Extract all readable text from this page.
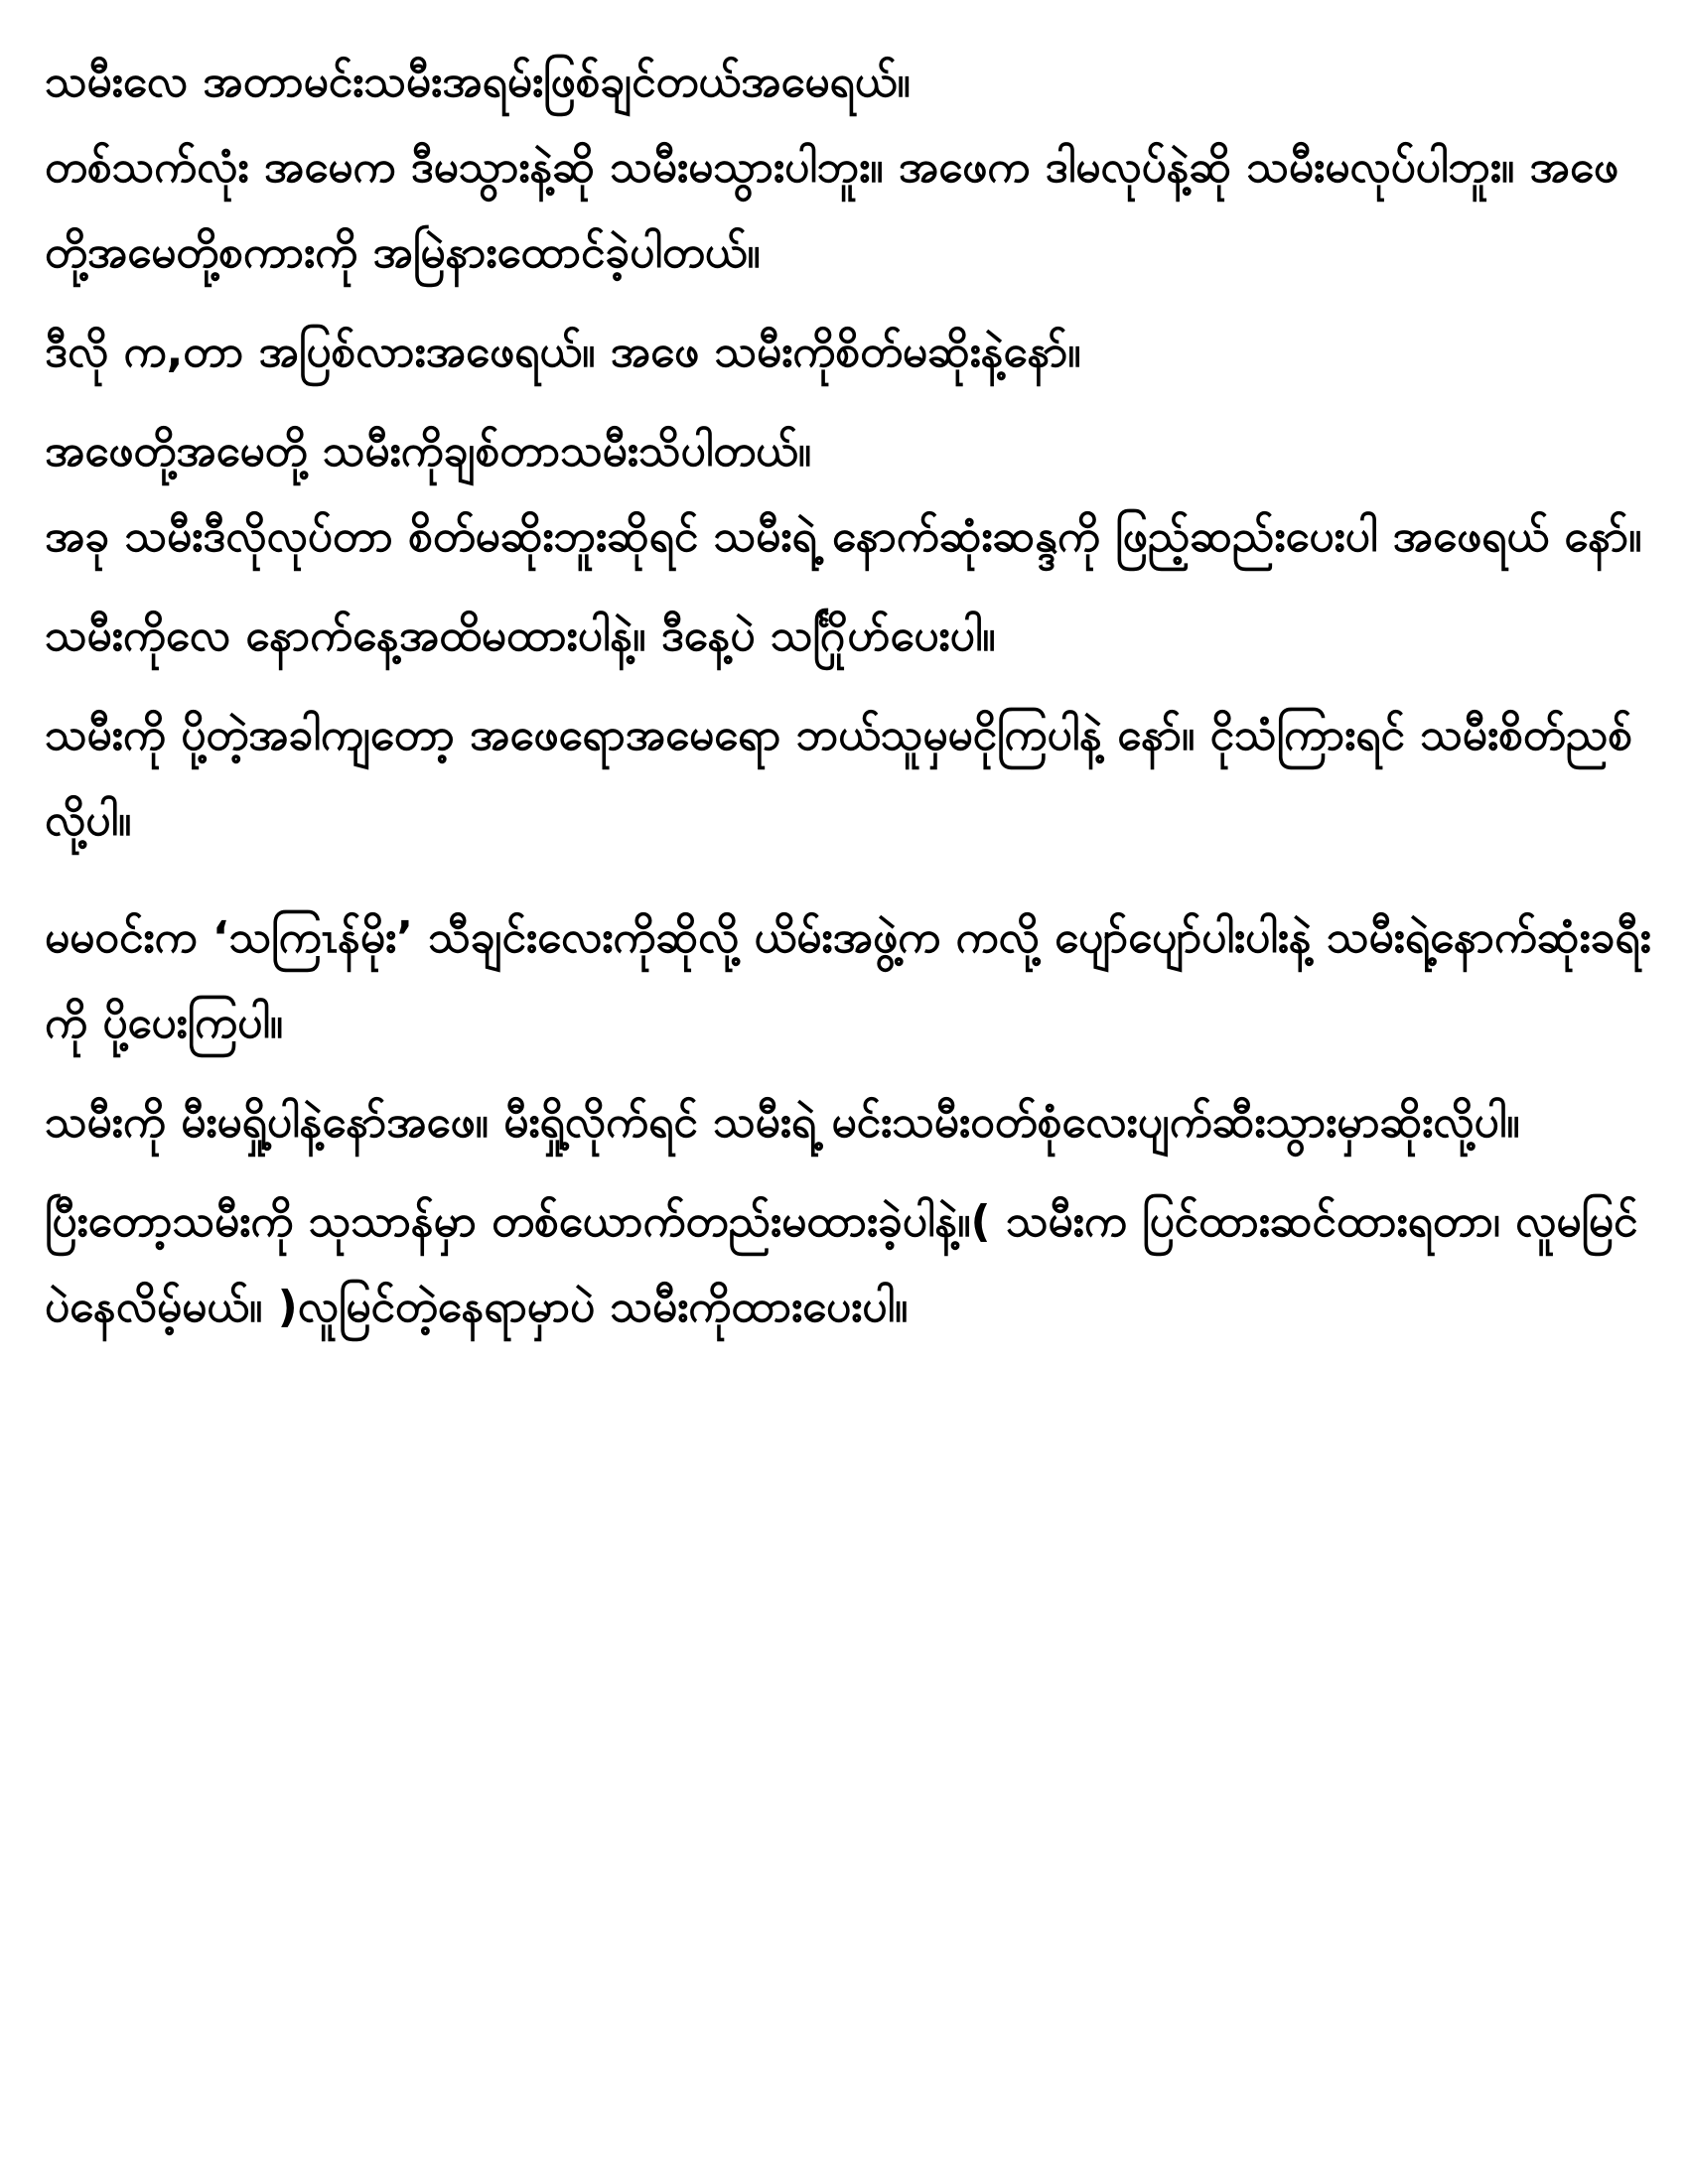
သမီးလေ အတာမင်းသမီးအရမ်းဖြစ်ချင်တယ်အမေရယ်။

တစ်သက်လုံး အမေက ဒီမသွားနဲ့ဆို သမီးမသွားပါဘူး။ အဖေက ဒါမလုပ်နဲ့ဆို သမီးမလုပ်ပါဘူး။ အဖေတို့အမေတို့စကားကို အမြဲနားထောင်ခဲ့ပါတယ်။

ဒီလို က,တာ အပြစ်လားအဖေရယ်။ အဖေ သမီးကိုစိတ်မဆိုးနဲ့နော်။

အဖေတို့အမေတို့ သမီးကိုချစ်တာသမီးသိပါတယ်။

အခု သမီးဒီလိုလုပ်တာ စိတ်မဆိုးဘူးဆိုရင် သမီးရဲ့ နောက်ဆုံးဆန္ဒကို ဖြည့်ဆည်းပေးပါ အဖေရယ် နော်။

သမီးကိုလေ နောက်နေ့အထိမထားပါနဲ့။ ဒီနေ့ပဲ သင်္ဂြိုဟ်ပေးပါ။

သမီးကို ပို့တဲ့အခါကျတော့ အဖေရောအမေရော ဘယ်သူမှမငိုကြပါနဲ့ နော်။ ငိုသံကြားရင် သမီးစိတ်ညစ်လို့ပါ။

မမဝင်းက ‘သကြၤန်မိုး’ သီချင်းလေးကိုဆိုလို့ ယိမ်းအဖွဲ့က ကလို့ ပျော်ပျော်ပါးပါးနဲ့ သမီးရဲ့နောက်ဆုံးခရီးကို ပို့ပေးကြပါ။

သမီးကို မီးမရှို့ပါနဲ့နော်အဖေ။ မီးရှို့လိုက်ရင် သမီးရဲ့ မင်းသမီးဝတ်စုံလေးပျက်ဆီးသွားမှာဆိုးလို့ပါ။

ပြီးတော့သမီးကို သုသာန်မှာ တစ်ယောက်တည်းမထားခဲ့ပါနဲ့။( သမီးက ပြင်ထားဆင်ထားရတာ၊ လူမမြင်ပဲနေလိမ့်မယ်။ )လူမြင်တဲ့နေရာမှာပဲ သမီးကိုထားပေးပါ။
